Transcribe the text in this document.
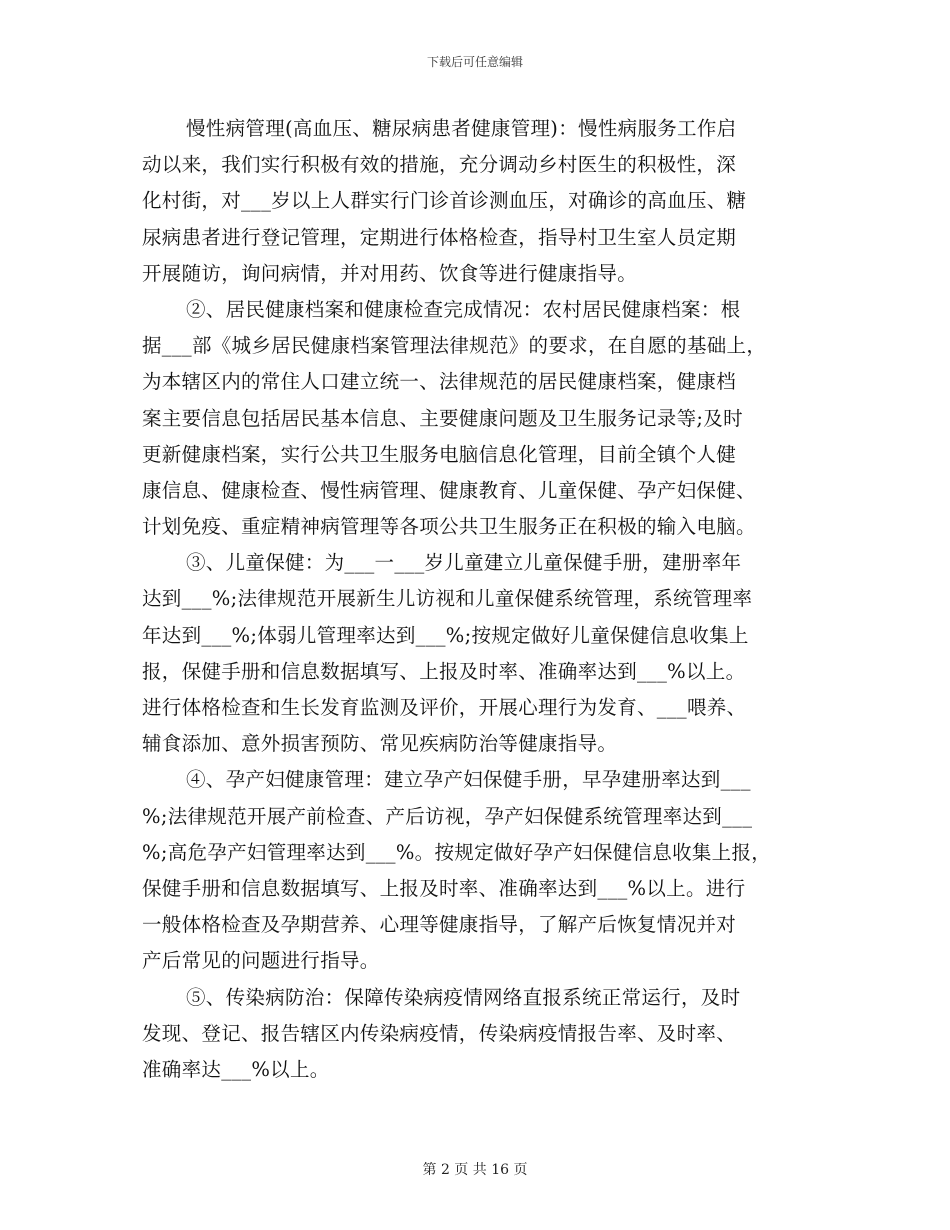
下载后可任意编辑
慢性病管理(高血压、糖尿病患者健康管理)：慢性病服务工作启
动以来，我们实行积极有效的措施，充分调动乡村医生的积极性，深
化村街，对___岁以上人群实行门诊首诊测血压，对确诊的高血压、糖
尿病患者进行登记管理，定期进行体格检查，指导村卫生室人员定期
开展随访，询问病情，并对用药、饮食等进行健康指导。
②、居民健康档案和健康检查完成情况：农村居民健康档案：根
据___部《城乡居民健康档案管理法律规范》的要求，在自愿的基础上，
为本辖区内的常住人口建立统一、法律规范的居民健康档案，健康档
案主要信息包括居民基本信息、主要健康问题及卫生服务记录等;及时
更新健康档案，实行公共卫生服务电脑信息化管理，目前全镇个人健
康信息、健康检查、慢性病管理、健康教育、儿童保健、孕产妇保健、
计划免疫、重症精神病管理等各项公共卫生服务正在积极的输入电脑。
③、儿童保健：为___一___岁儿童建立儿童保健手册，建册率年
达到___%;法律规范开展新生儿访视和儿童保健系统管理，系统管理率
年达到___%;体弱儿管理率达到___%;按规定做好儿童保健信息收集上
报，保健手册和信息数据填写、上报及时率、准确率达到___%以上。
进行体格检查和生长发育监测及评价，开展心理行为发育、___喂养、
辅食添加、意外损害预防、常见疾病防治等健康指导。
④、孕产妇健康管理：建立孕产妇保健手册，早孕建册率达到___
%;法律规范开展产前检查、产后访视，孕产妇保健系统管理率达到___
%;高危孕产妇管理率达到___%。按规定做好孕产妇保健信息收集上报，
保健手册和信息数据填写、上报及时率、准确率达到___%以上。进行
一般体格检查及孕期营养、心理等健康指导，了解产后恢复情况并对
产后常见的问题进行指导。
⑤、传染病防治：保障传染病疫情网络直报系统正常运行，及时
发现、登记、报告辖区内传染病疫情，传染病疫情报告率、及时率、
准确率达___%以上。
第 2 页 共 16 页
